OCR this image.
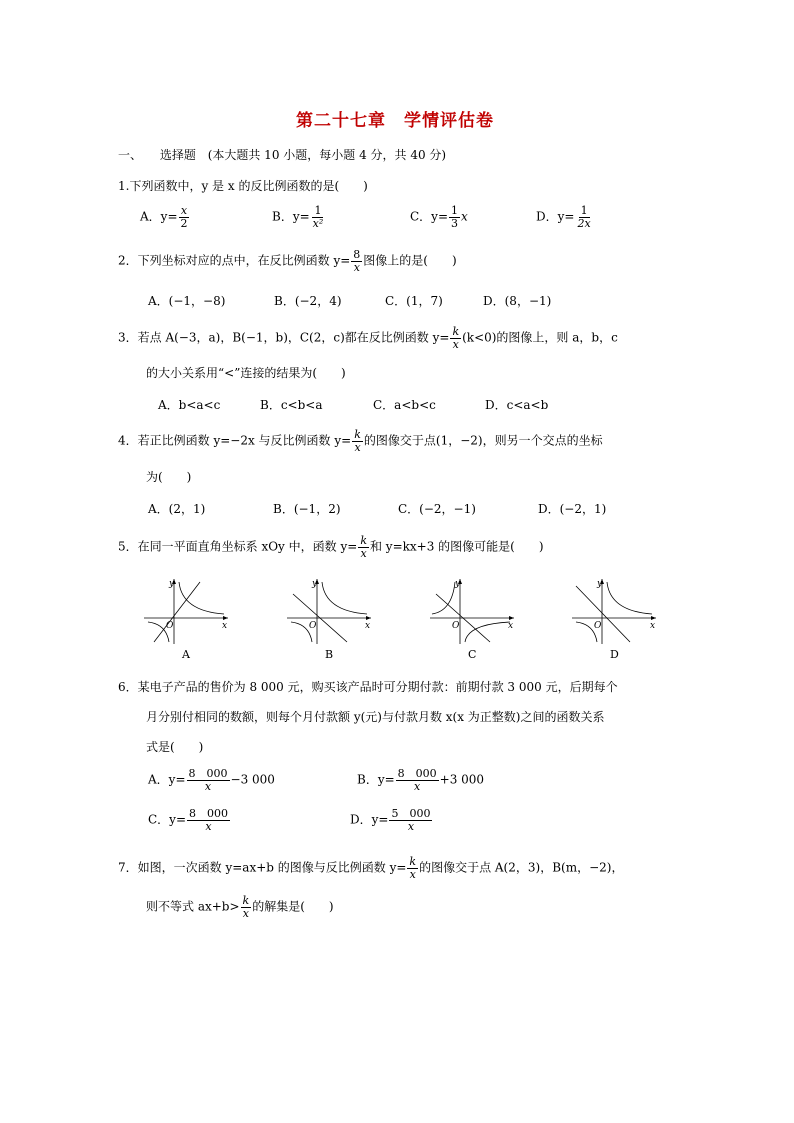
第二十七章　学情评估卷
一、 选择题 (本大题共 10 小题，每小题 4 分，共 40 分)
1.下列函数中，y 是 x 的反比例函数的是(　　)
A．$y= \frac{x}{2}$	B．$y= \frac{1}{\text{x²}}$	C．$y= \frac{1}{3}$ x	D．$y= \frac{1}{2x}$
2．下列坐标对应的点中，在反比例函数 $y= \frac{8}{x}$ 图像上的是(　　)
A．(−1，−8)	B．(−2，4)	C．(1，7)	D．(8，−1)
3．若点 A(−3，a)，B(−1，b)，C(2，c)都在反比例函数 $y= \frac{k}{x} (k<0)$的图像上，则 a，b，c
的大小关系用“<”连接的结果为(　　)
A．b<a<c	B．c<b<a	C．a<b<c	D．c<a<b
4．若正比例函数 y=−2x 与反比例函数 $y= \frac{k}{x}$ 的图像交于点(1，−2)，则另一个交点的坐标
为(　　)
A．(2，1)	B．(−1，2)	C．(−2，−1)	D．(−2，1)
5．在同一平面直角坐标系 xOy 中，函数 $y= \frac{k}{x}$ 和 y=kx+3 的图像可能是(　　)
y
x
O
A
y
x
O
B
y
x
O
C
y
x
O
D
6．某电子产品的售价为 8 000 元，购买该产品时可分期付款：前期付款 3 000 元，后期每个
月分别付相同的数额，则每个月付款额 y(元)与付款月数 x(x 为正整数)之间的函数关系
式是(　　)
A．$y= \frac{8 000}{x} -3$ 000	B．$y= \frac{8 000}{x} +3$ 000
C．$y= \frac{8 000}{x}$	D．$y= \frac{5 000}{x}$
7．如图，一次函数 y=ax+b 的图像与反比例函数 $y= \frac{k}{x}$ 的图像交于点 A(2，3)，B(m，−2)，
则不等式 $ax+b> \frac{k}{x}$ 的解集是(　　)
